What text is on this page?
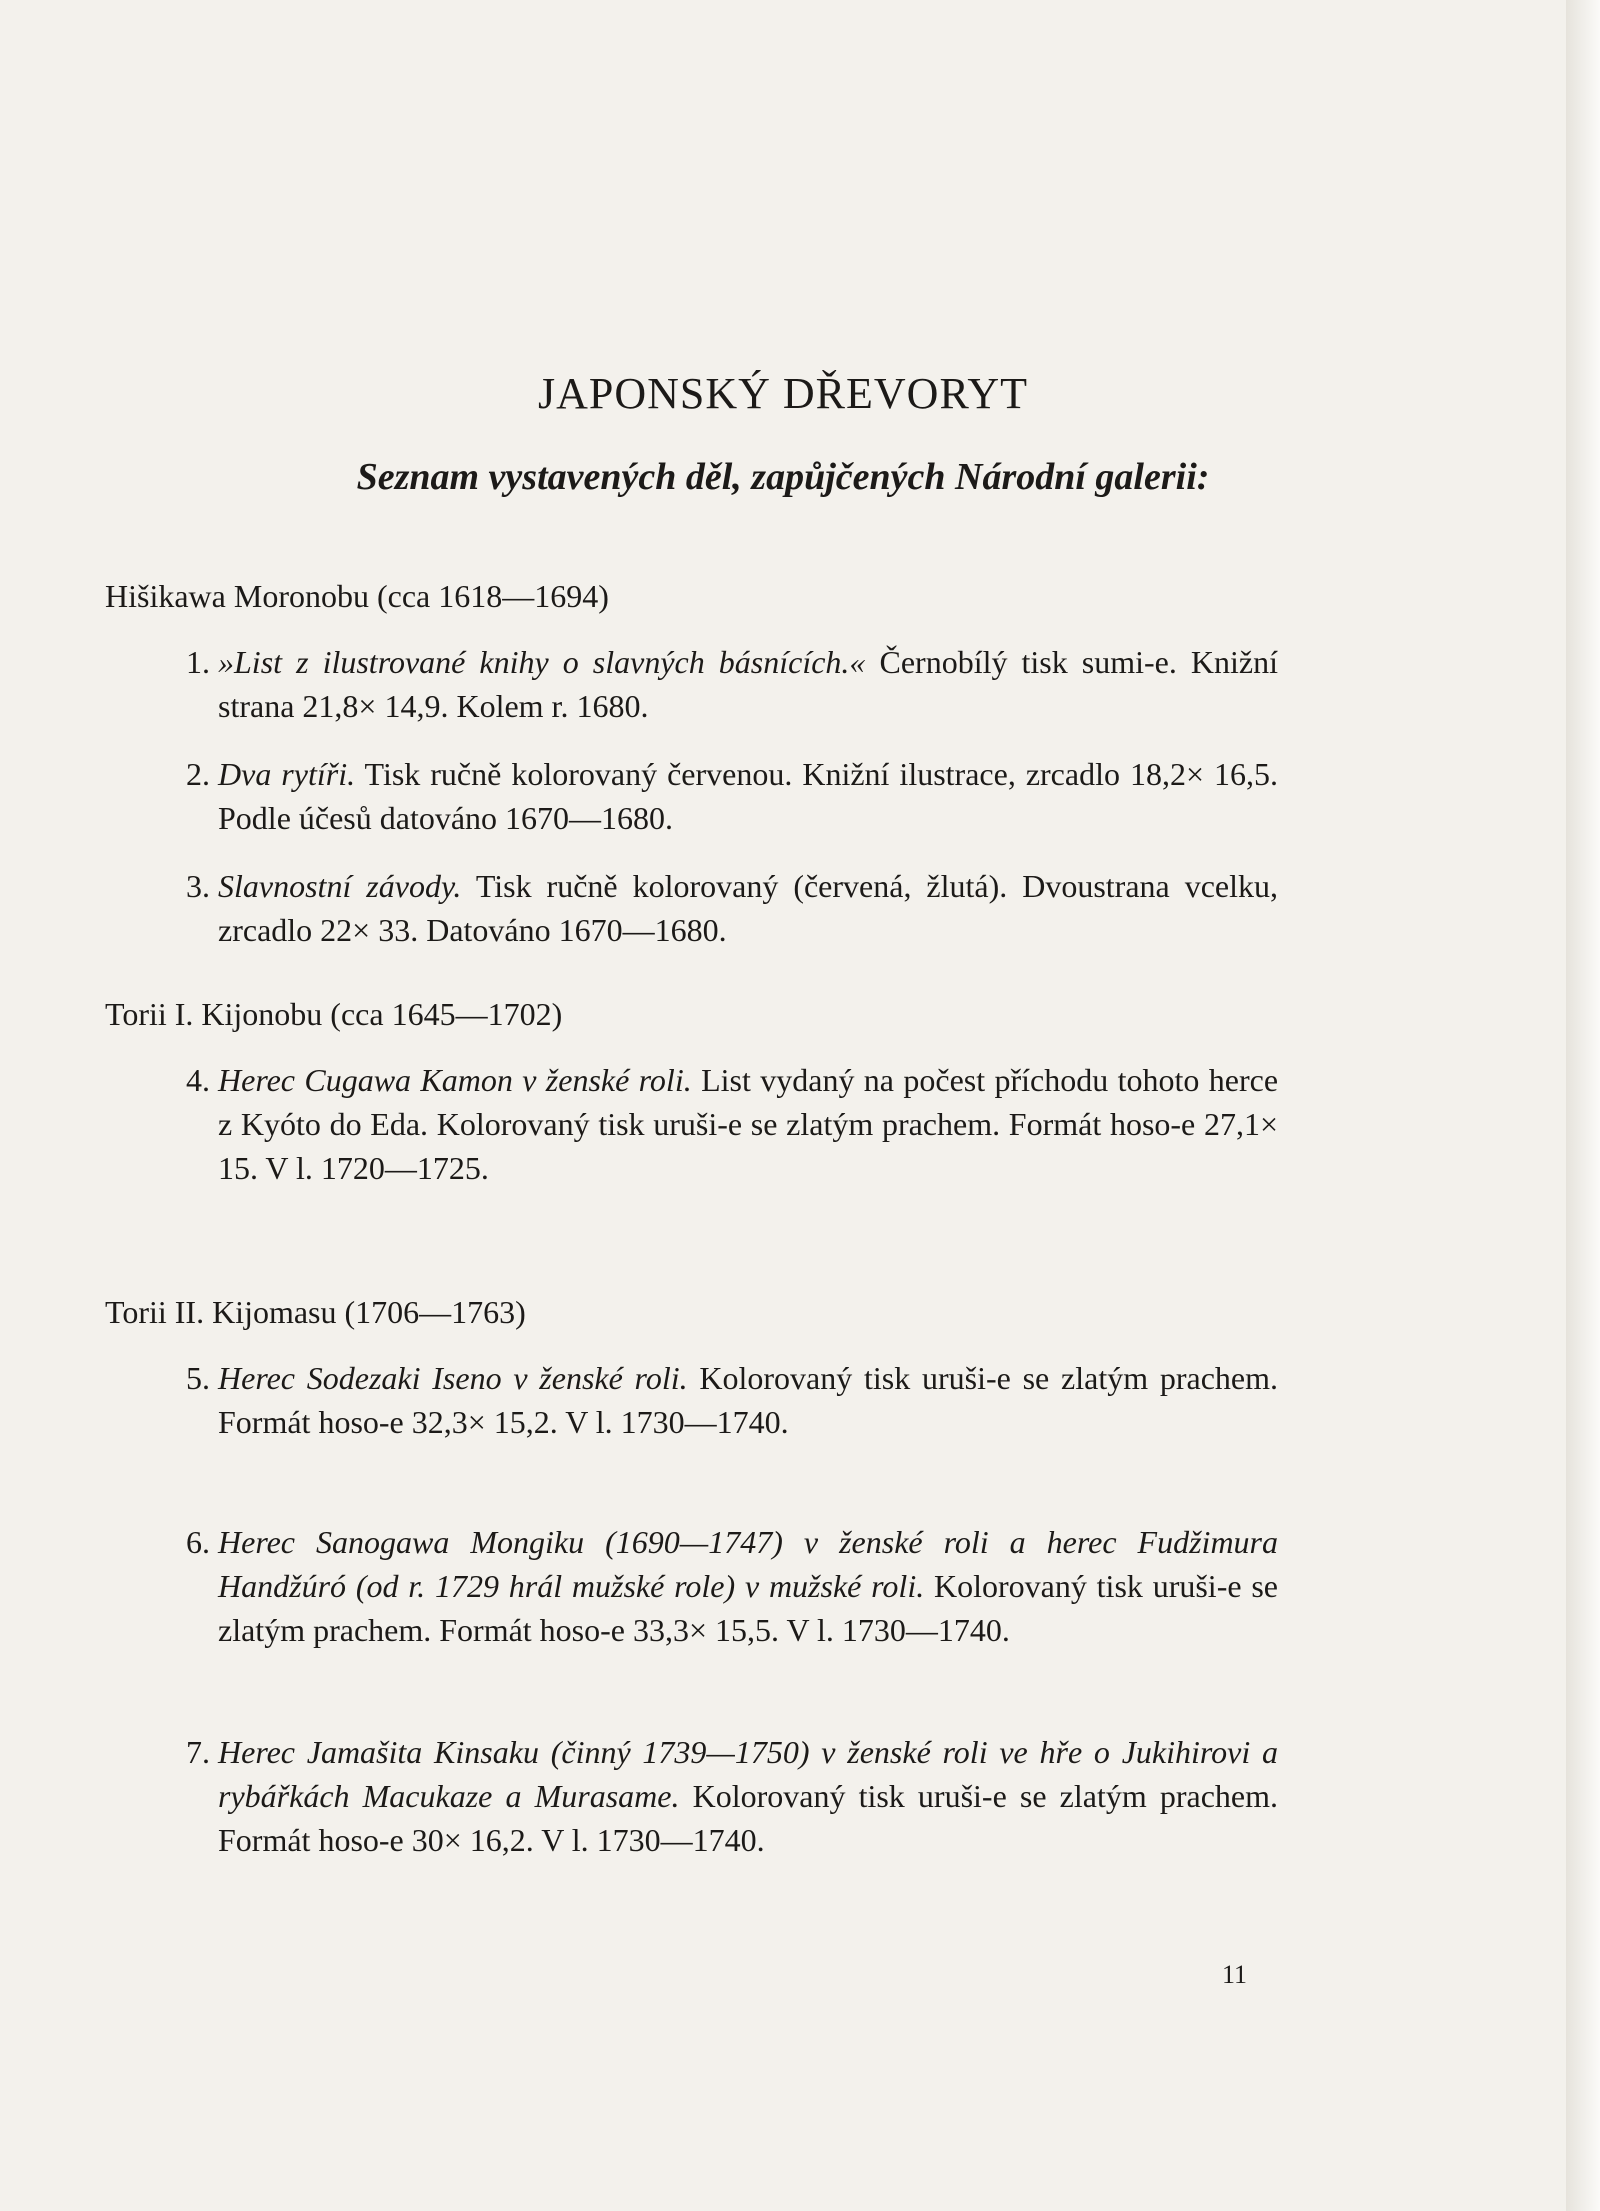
JAPONSKÝ DŘEVORYT
Seznam vystavených děl, zapůjčených Národní galerii:
Hišikawa Moronobu (cca 1618—1694)
1. »List z ilustrované knihy o slavných básnících.« Černobílý tisk sumi-e. Knižní strana 21,8× 14,9. Kolem r. 1680.
2. Dva rytíři. Tisk ručně kolorovaný červenou. Knižní ilustrace, zrcadlo 18,2× 16,5. Podle účesů datováno 1670—1680.
3. Slavnostní závody. Tisk ručně kolorovaný (červená, žlutá). Dvoustrana vcelku, zrcadlo 22× 33. Datováno 1670—1680.
Torii I. Kijonobu (cca 1645—1702)
4. Herec Cugawa Kamon v ženské roli. List vydaný na počest příchodu tohoto herce z Kyóto do Eda. Kolorovaný tisk uruši-e se zlatým prachem. Formát hoso-e 27,1× 15. V l. 1720—1725.
Torii II. Kijomasu (1706—1763)
5. Herec Sodezaki Iseno v ženské roli. Kolorovaný tisk uruši-e se zlatým prachem. Formát hoso-e 32,3× 15,2. V l. 1730—1740.
6. Herec Sanogawa Mongiku (1690—1747) v ženské roli a herec Fudžimura Handžúró (od r. 1729 hrál mužské role) v mužské roli. Kolorovaný tisk uruši-e se zlatým prachem. Formát hoso-e 33,3× 15,5. V l. 1730—1740.
7. Herec Jamašita Kinsaku (činný 1739—1750) v ženské roli ve hře o Jukihirovi a rybářkách Macukaze a Murasame. Kolorovaný tisk uruši-e se zlatým prachem. Formát hoso-e 30× 16,2. V l. 1730—1740.
11
